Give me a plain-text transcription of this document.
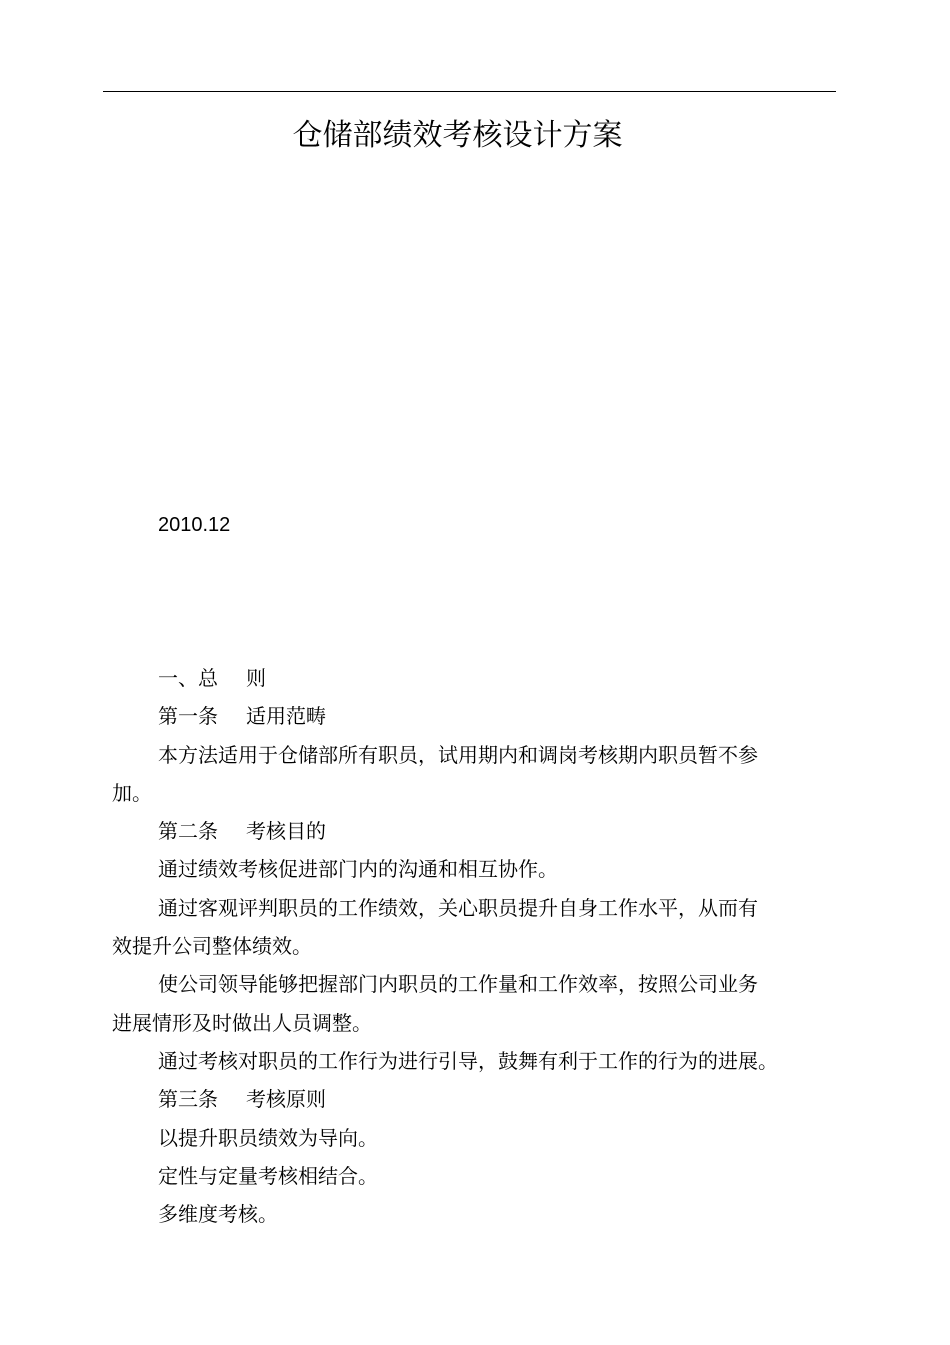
仓储部绩效考核设计方案
2010.12
一、总 则
第一条 适用范畴
本方法适用于仓储部所有职员，试用期内和调岗考核期内职员暂不参
加。
第二条 考核目的
通过绩效考核促进部门内的沟通和相互协作。
通过客观评判职员的工作绩效，关心职员提升自身工作水平，从而有
效提升公司整体绩效。
使公司领导能够把握部门内职员的工作量和工作效率，按照公司业务
进展情形及时做出人员调整。
通过考核对职员的工作行为进行引导，鼓舞有利于工作的行为的进展。
第三条 考核原则
以提升职员绩效为导向。
定性与定量考核相结合。
多维度考核。
